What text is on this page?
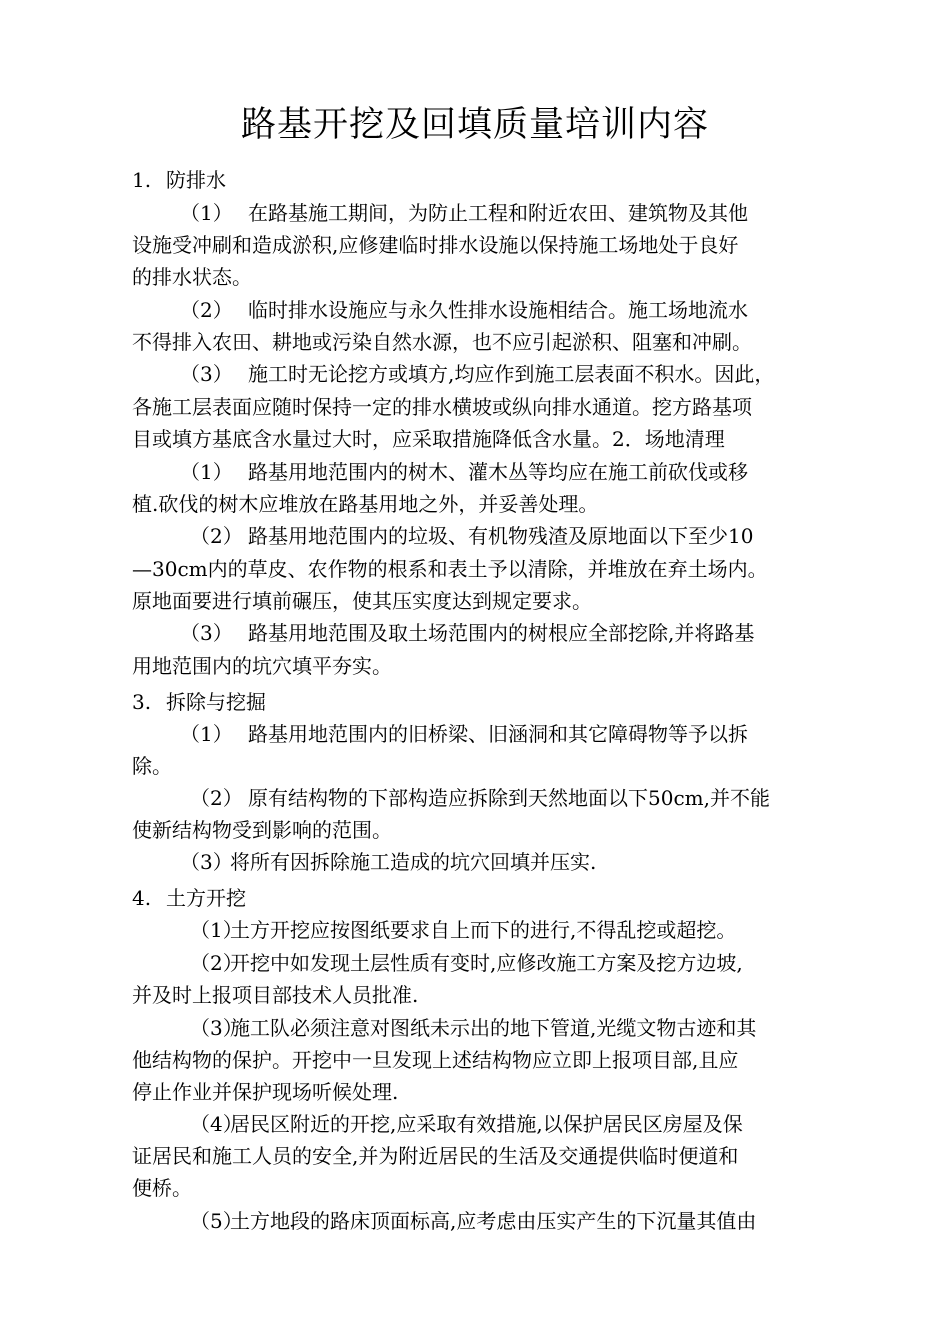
路基开挖及回填质量培训内容
1. 防排水
（1） 在路基施工期间，为防止工程和附近农田、建筑物及其他
设施受冲刷和造成淤积,应修建临时排水设施以保持施工场地处于良好
的排水状态。
（2） 临时排水设施应与永久性排水设施相结合。施工场地流水
不得排入农田、耕地或污染自然水源，也不应引起淤积、阻塞和冲刷。
（3） 施工时无论挖方或填方,均应作到施工层表面不积水。因此，
各施工层表面应随时保持一定的排水横坡或纵向排水通道。挖方路基项
目或填方基底含水量过大时，应采取措施降低含水量。2．场地清理
（1） 路基用地范围内的树木、灌木丛等均应在施工前砍伐或移
植.砍伐的树木应堆放在路基用地之外，并妥善处理。
（2） 路基用地范围内的垃圾、有机物残渣及原地面以下至少10
—30cm内的草皮、农作物的根系和表土予以清除，并堆放在弃土场内。
原地面要进行填前碾压，使其压实度达到规定要求。
（3） 路基用地范围及取土场范围内的树根应全部挖除,并将路基
用地范围内的坑穴填平夯实。
3. 拆除与挖掘
（1） 路基用地范围内的旧桥梁、旧涵洞和其它障碍物等予以拆
除。
（2） 原有结构物的下部构造应拆除到天然地面以下50cm,并不能
使新结构物受到影响的范围。
（3）将所有因拆除施工造成的坑穴回填并压实.
4. 土方开挖
（1）土方开挖应按图纸要求自上而下的进行,不得乱挖或超挖。
（2）开挖中如发现土层性质有变时,应修改施工方案及挖方边坡,
并及时上报项目部技术人员批准.
（3）施工队必须注意对图纸未示出的地下管道,光缆文物古迹和其
他结构物的保护。开挖中一旦发现上述结构物应立即上报项目部,且应
停止作业并保护现场听候处理.
（4）居民区附近的开挖,应采取有效措施,以保护居民区房屋及保
证居民和施工人员的安全,并为附近居民的生活及交通提供临时便道和
便桥。
（5）土方地段的路床顶面标高,应考虑由压实产生的下沉量其值由
